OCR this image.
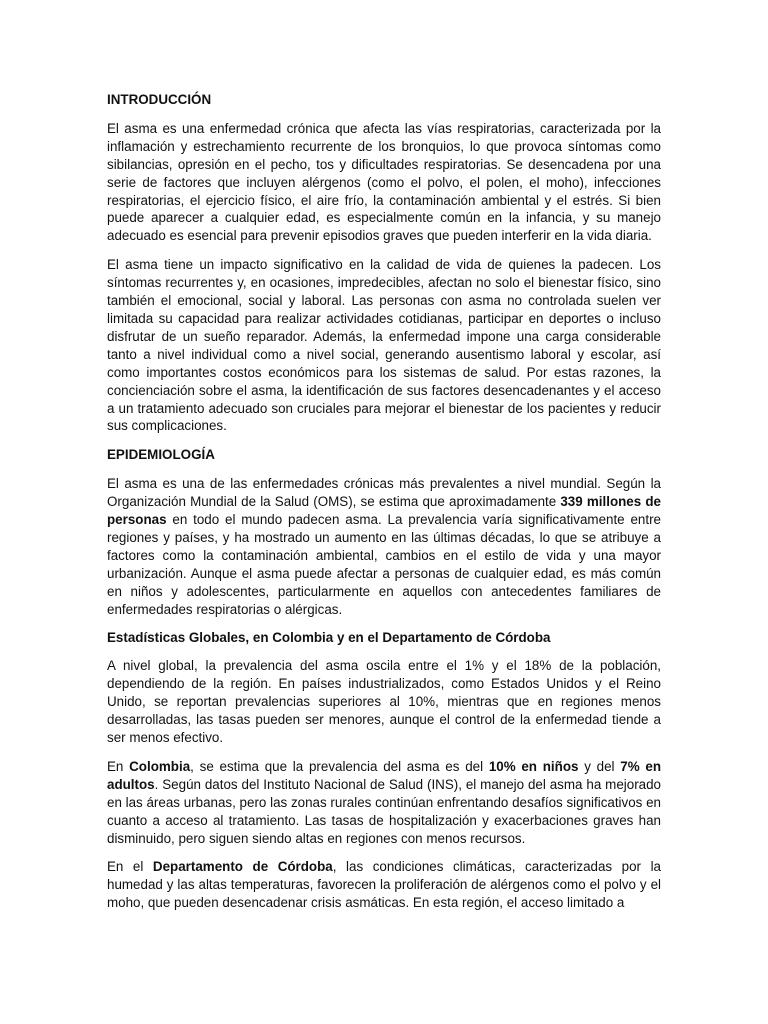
INTRODUCCIÓN

El asma es una enfermedad crónica que afecta las vías respiratorias, caracterizada por la inflamación y estrechamiento recurrente de los bronquios, lo que provoca síntomas como sibilancias, opresión en el pecho, tos y dificultades respiratorias. Se desencadena por una serie de factores que incluyen alérgenos (como el polvo, el polen, el moho), infecciones respiratorias, el ejercicio físico, el aire frío, la contaminación ambiental y el estrés. Si bien puede aparecer a cualquier edad, es especialmente común en la infancia, y su manejo adecuado es esencial para prevenir episodios graves que pueden interferir en la vida diaria.

El asma tiene un impacto significativo en la calidad de vida de quienes la padecen. Los síntomas recurrentes y, en ocasiones, impredecibles, afectan no solo el bienestar físico, sino también el emocional, social y laboral. Las personas con asma no controlada suelen ver limitada su capacidad para realizar actividades cotidianas, participar en deportes o incluso disfrutar de un sueño reparador. Además, la enfermedad impone una carga considerable tanto a nivel individual como a nivel social, generando ausentismo laboral y escolar, así como importantes costos económicos para los sistemas de salud. Por estas razones, la concienciación sobre el asma, la identificación de sus factores desencadenantes y el acceso a un tratamiento adecuado son cruciales para mejorar el bienestar de los pacientes y reducir sus complicaciones.

EPIDEMIOLOGÍA

El asma es una de las enfermedades crónicas más prevalentes a nivel mundial. Según la Organización Mundial de la Salud (OMS), se estima que aproximadamente 339 millones de personas en todo el mundo padecen asma. La prevalencia varía significativamente entre regiones y países, y ha mostrado un aumento en las últimas décadas, lo que se atribuye a factores como la contaminación ambiental, cambios en el estilo de vida y una mayor urbanización. Aunque el asma puede afectar a personas de cualquier edad, es más común en niños y adolescentes, particularmente en aquellos con antecedentes familiares de enfermedades respiratorias o alérgicas.

Estadísticas Globales, en Colombia y en el Departamento de Córdoba

A nivel global, la prevalencia del asma oscila entre el 1% y el 18% de la población, dependiendo de la región. En países industrializados, como Estados Unidos y el Reino Unido, se reportan prevalencias superiores al 10%, mientras que en regiones menos desarrolladas, las tasas pueden ser menores, aunque el control de la enfermedad tiende a ser menos efectivo.

En Colombia, se estima que la prevalencia del asma es del 10% en niños y del 7% en adultos. Según datos del Instituto Nacional de Salud (INS), el manejo del asma ha mejorado en las áreas urbanas, pero las zonas rurales continúan enfrentando desafíos significativos en cuanto a acceso al tratamiento. Las tasas de hospitalización y exacerbaciones graves han disminuido, pero siguen siendo altas en regiones con menos recursos.

En el Departamento de Córdoba, las condiciones climáticas, caracterizadas por la humedad y las altas temperaturas, favorecen la proliferación de alérgenos como el polvo y el moho, que pueden desencadenar crisis asmáticas. En esta región, el acceso limitado a
